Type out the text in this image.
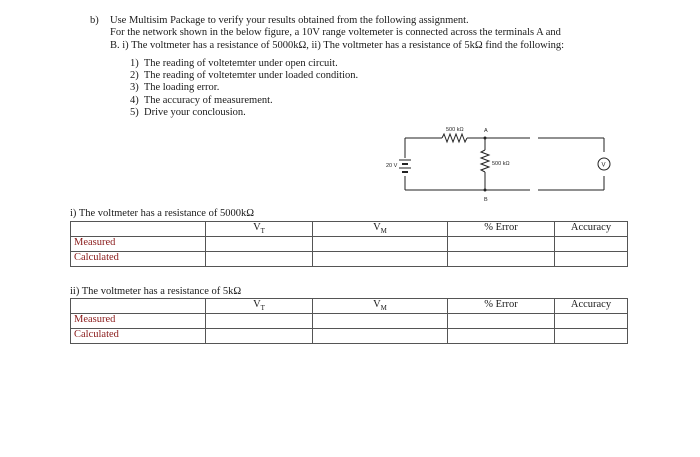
b) Use Multisim Package to verify your results obtained from the following assignment.
For the network shown in the below figure, a 10V range voltemeter is connected across the terminals A and
B. i) The voltmeter has a resistance of 5000kΩ, ii) The voltmeter has a resistance of 5kΩ find the following:
1) The reading of voltetemter under open circuit.
2) The reading of voltetemter under loaded condition.
3) The loading error.
4) The accuracy of measurement.
5) Drive your conclousion.
500 kΩ
500 kΩ
20 V
A
B
V
i) The voltmeter has a resistance of 5000kΩ
	$V_T$	$V_M$	% Error	Accuracy
Measured				
Calculated				
ii) The voltmeter has a resistance of 5kΩ
	$V_T$	$V_M$	% Error	Accuracy
Measured				
Calculated				
